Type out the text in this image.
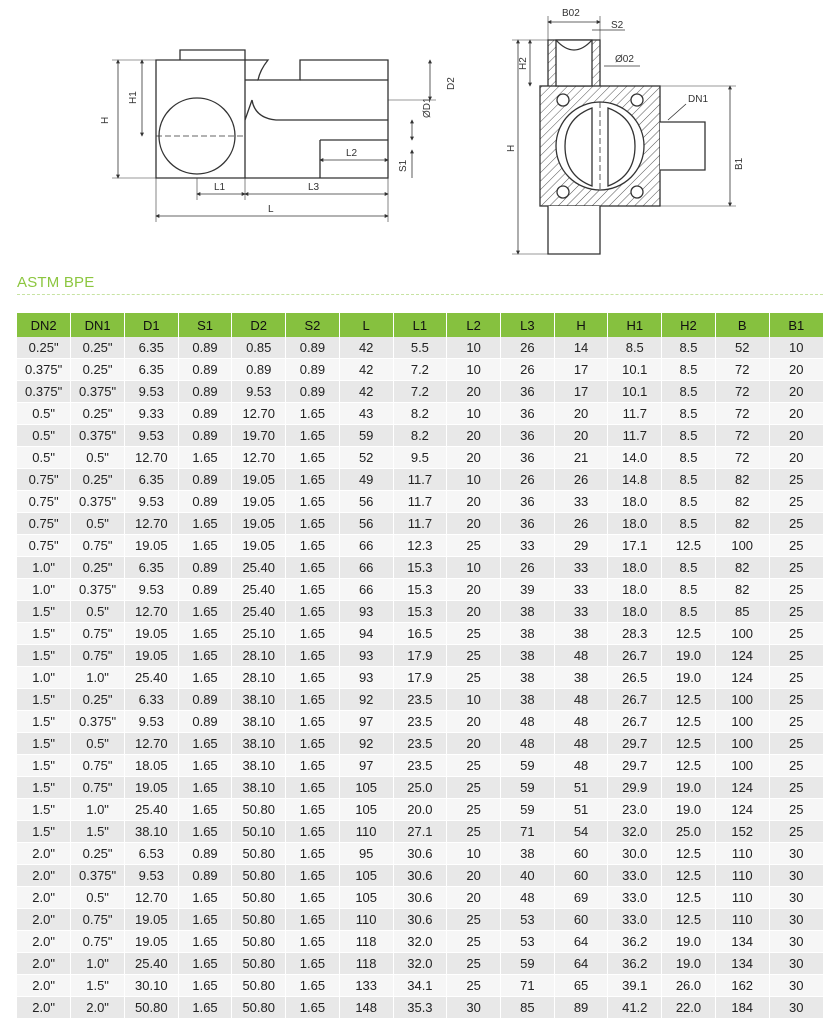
H
H1
L1	L3
L
L2
S1
ØD1
D2
B02
S2
Ø02
H2
DN1
H
B1
ASTM BPE
DN2	DN1	D1	S1	D2	S2	L	L1	L2	L3	H	H1	H2	B	B1
0.25"	0.25"	6.35	0.89	0.85	0.89	42	5.5	10	26	14	8.5	8.5	52	10
0.375"	0.25"	6.35	0.89	0.89	0.89	42	7.2	10	26	17	10.1	8.5	72	20
0.375"	0.375"	9.53	0.89	9.53	0.89	42	7.2	20	36	17	10.1	8.5	72	20
0.5"	0.25"	9.33	0.89	12.70	1.65	43	8.2	10	36	20	11.7	8.5	72	20
0.5"	0.375"	9.53	0.89	19.70	1.65	59	8.2	20	36	20	11.7	8.5	72	20
0.5"	0.5"	12.70	1.65	12.70	1.65	52	9.5	20	36	21	14.0	8.5	72	20
0.75"	0.25"	6.35	0.89	19.05	1.65	49	11.7	10	26	26	14.8	8.5	82	25
0.75"	0.375"	9.53	0.89	19.05	1.65	56	11.7	20	36	33	18.0	8.5	82	25
0.75"	0.5"	12.70	1.65	19.05	1.65	56	11.7	20	36	26	18.0	8.5	82	25
0.75"	0.75"	19.05	1.65	19.05	1.65	66	12.3	25	33	29	17.1	12.5	100	25
1.0"	0.25"	6.35	0.89	25.40	1.65	66	15.3	10	26	33	18.0	8.5	82	25
1.0"	0.375"	9.53	0.89	25.40	1.65	66	15.3	20	39	33	18.0	8.5	82	25
1.5"	0.5"	12.70	1.65	25.40	1.65	93	15.3	20	38	33	18.0	8.5	85	25
1.5"	0.75"	19.05	1.65	25.10	1.65	94	16.5	25	38	38	28.3	12.5	100	25
1.5"	0.75"	19.05	1.65	28.10	1.65	93	17.9	25	38	48	26.7	19.0	124	25
1.0"	1.0"	25.40	1.65	28.10	1.65	93	17.9	25	38	38	26.5	19.0	124	25
1.5"	0.25"	6.33	0.89	38.10	1.65	92	23.5	10	38	48	26.7	12.5	100	25
1.5"	0.375"	9.53	0.89	38.10	1.65	97	23.5	20	48	48	26.7	12.5	100	25
1.5"	0.5"	12.70	1.65	38.10	1.65	92	23.5	20	48	48	29.7	12.5	100	25
1.5"	0.75"	18.05	1.65	38.10	1.65	97	23.5	25	59	48	29.7	12.5	100	25
1.5"	0.75"	19.05	1.65	38.10	1.65	105	25.0	25	59	51	29.9	19.0	124	25
1.5"	1.0"	25.40	1.65	50.80	1.65	105	20.0	25	59	51	23.0	19.0	124	25
1.5"	1.5"	38.10	1.65	50.10	1.65	110	27.1	25	71	54	32.0	25.0	152	25
2.0"	0.25"	6.53	0.89	50.80	1.65	95	30.6	10	38	60	30.0	12.5	110	30
2.0"	0.375"	9.53	0.89	50.80	1.65	105	30.6	20	40	60	33.0	12.5	110	30
2.0"	0.5"	12.70	1.65	50.80	1.65	105	30.6	20	48	69	33.0	12.5	110	30
2.0"	0.75"	19.05	1.65	50.80	1.65	110	30.6	25	53	60	33.0	12.5	110	30
2.0"	0.75"	19.05	1.65	50.80	1.65	118	32.0	25	53	64	36.2	19.0	134	30
2.0"	1.0"	25.40	1.65	50.80	1.65	118	32.0	25	59	64	36.2	19.0	134	30
2.0"	1.5"	30.10	1.65	50.80	1.65	133	34.1	25	71	65	39.1	26.0	162	30
2.0"	2.0"	50.80	1.65	50.80	1.65	148	35.3	30	85	89	41.2	22.0	184	30
